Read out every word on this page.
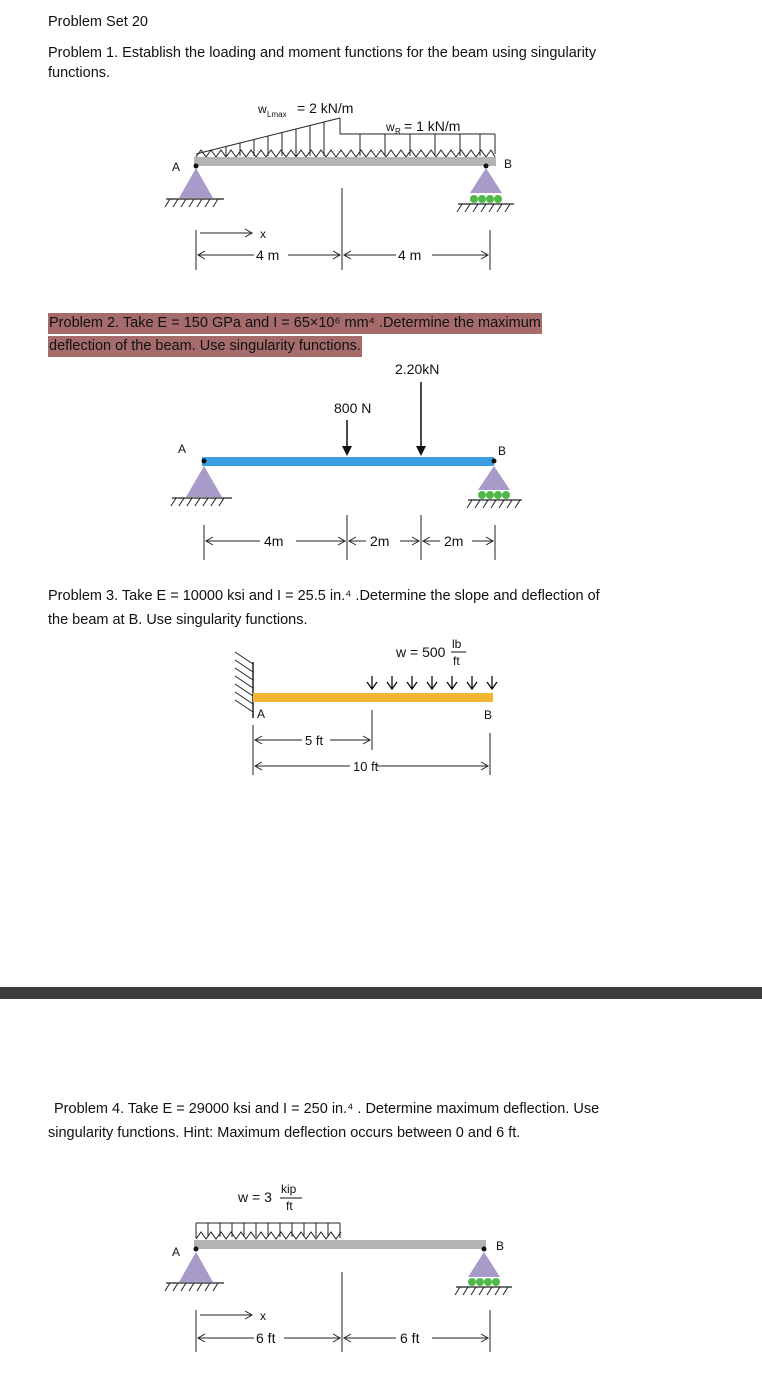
Problem Set 20
Problem 1. Establish the loading and moment functions for the beam using singularity
functions.
w Lmax = 2 kN/m
w R = 1 kN/m
A	B
x
4 m	4 m
Problem 2. Take E = 150 GPa and I = 65×10⁶ mm⁴ .Determine the maximum
deflection of the beam. Use singularity functions.
2.20kN
800 N
A	B
4m	2m	2m
Problem 3. Take E = 10000 ksi and I = 25.5 in.⁴ .Determine the slope and deflection of
the beam at B. Use singularity functions.
w = 500 lb
ft
A	B
5 ft
10 ft
Problem 4. Take E = 29000 ksi and I = 250 in.⁴ . Determine maximum deflection. Use
singularity functions. Hint: Maximum deflection occurs between 0 and 6 ft.
w = 3 kip
ft
A	B
x
6 ft	6 ft
